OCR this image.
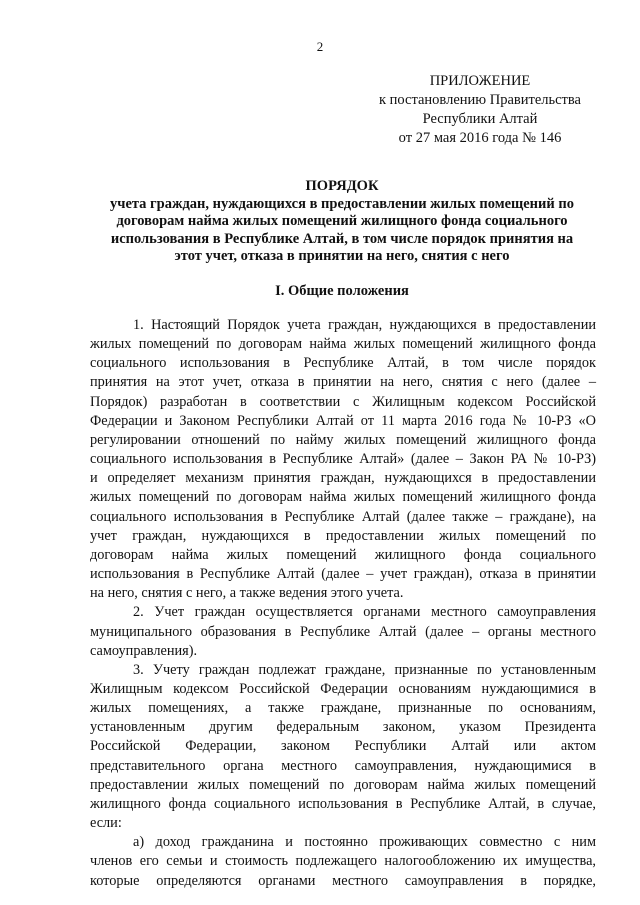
2
ПРИЛОЖЕНИЕ
к постановлению Правительства
Республики Алтай
от 27 мая 2016 года № 146
ПОРЯДОК
учета граждан, нуждающихся в предоставлении жилых помещений по
договорам найма жилых помещений жилищного фонда социального
использования в Республике Алтай, в том числе порядок принятия на
этот учет, отказа в принятии на него, снятия с него
I. Общие положения
1. Настоящий Порядок учета граждан, нуждающихся в предоставлении
жилых помещений по договорам найма жилых помещений жилищного фонда
социального использования в Республике Алтай, в том числе порядок
принятия на этот учет, отказа в принятии на него, снятия с него (далее –
Порядок) разработан в соответствии с Жилищным кодексом Российской
Федерации и Законом Республики Алтай от 11 марта 2016 года № 10-РЗ «О
регулировании отношений по найму жилых помещений жилищного фонда
социального использования в Республике Алтай» (далее – Закон РА № 10-РЗ)
и определяет механизм принятия граждан, нуждающихся в предоставлении
жилых помещений по договорам найма жилых помещений жилищного фонда
социального использования в Республике Алтай (далее также – граждане), на
учет граждан, нуждающихся в предоставлении жилых помещений по
договорам найма жилых помещений жилищного фонда социального
использования в Республике Алтай (далее – учет граждан), отказа в принятии
на него, снятия с него, а также ведения этого учета.
2. Учет граждан осуществляется органами местного самоуправления
муниципального образования в Республике Алтай (далее – органы местного
самоуправления).
3. Учету граждан подлежат граждане, признанные по установленным
Жилищным кодексом Российской Федерации основаниям нуждающимися в
жилых помещениях, а также граждане, признанные по основаниям,
установленным другим федеральным законом, указом Президента
Российской Федерации, законом Республики Алтай или актом
представительного органа местного самоуправления, нуждающимися в
предоставлении жилых помещений по договорам найма жилых помещений
жилищного фонда социального использования в Республике Алтай, в случае,
если:
а) доход гражданина и постоянно проживающих совместно с ним
членов его семьи и стоимость подлежащего налогообложению их имущества,
которые определяются органами местного самоуправления в порядке,
